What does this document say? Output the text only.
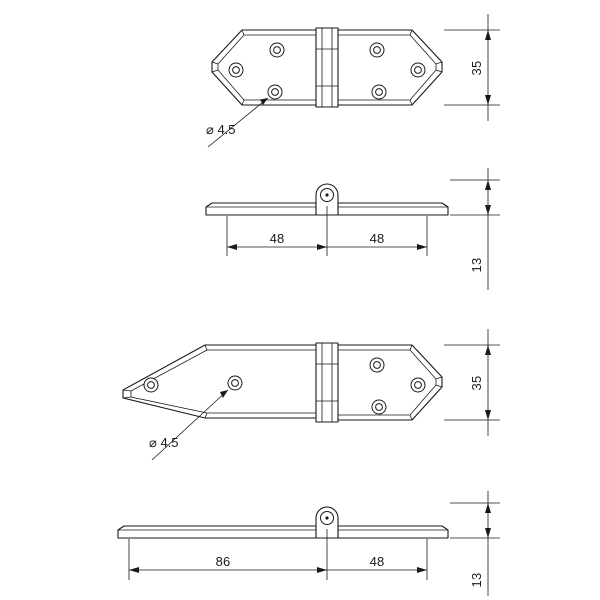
⌀ 4.5
35
48	48
13
⌀ 4.5
35
86	48
13
